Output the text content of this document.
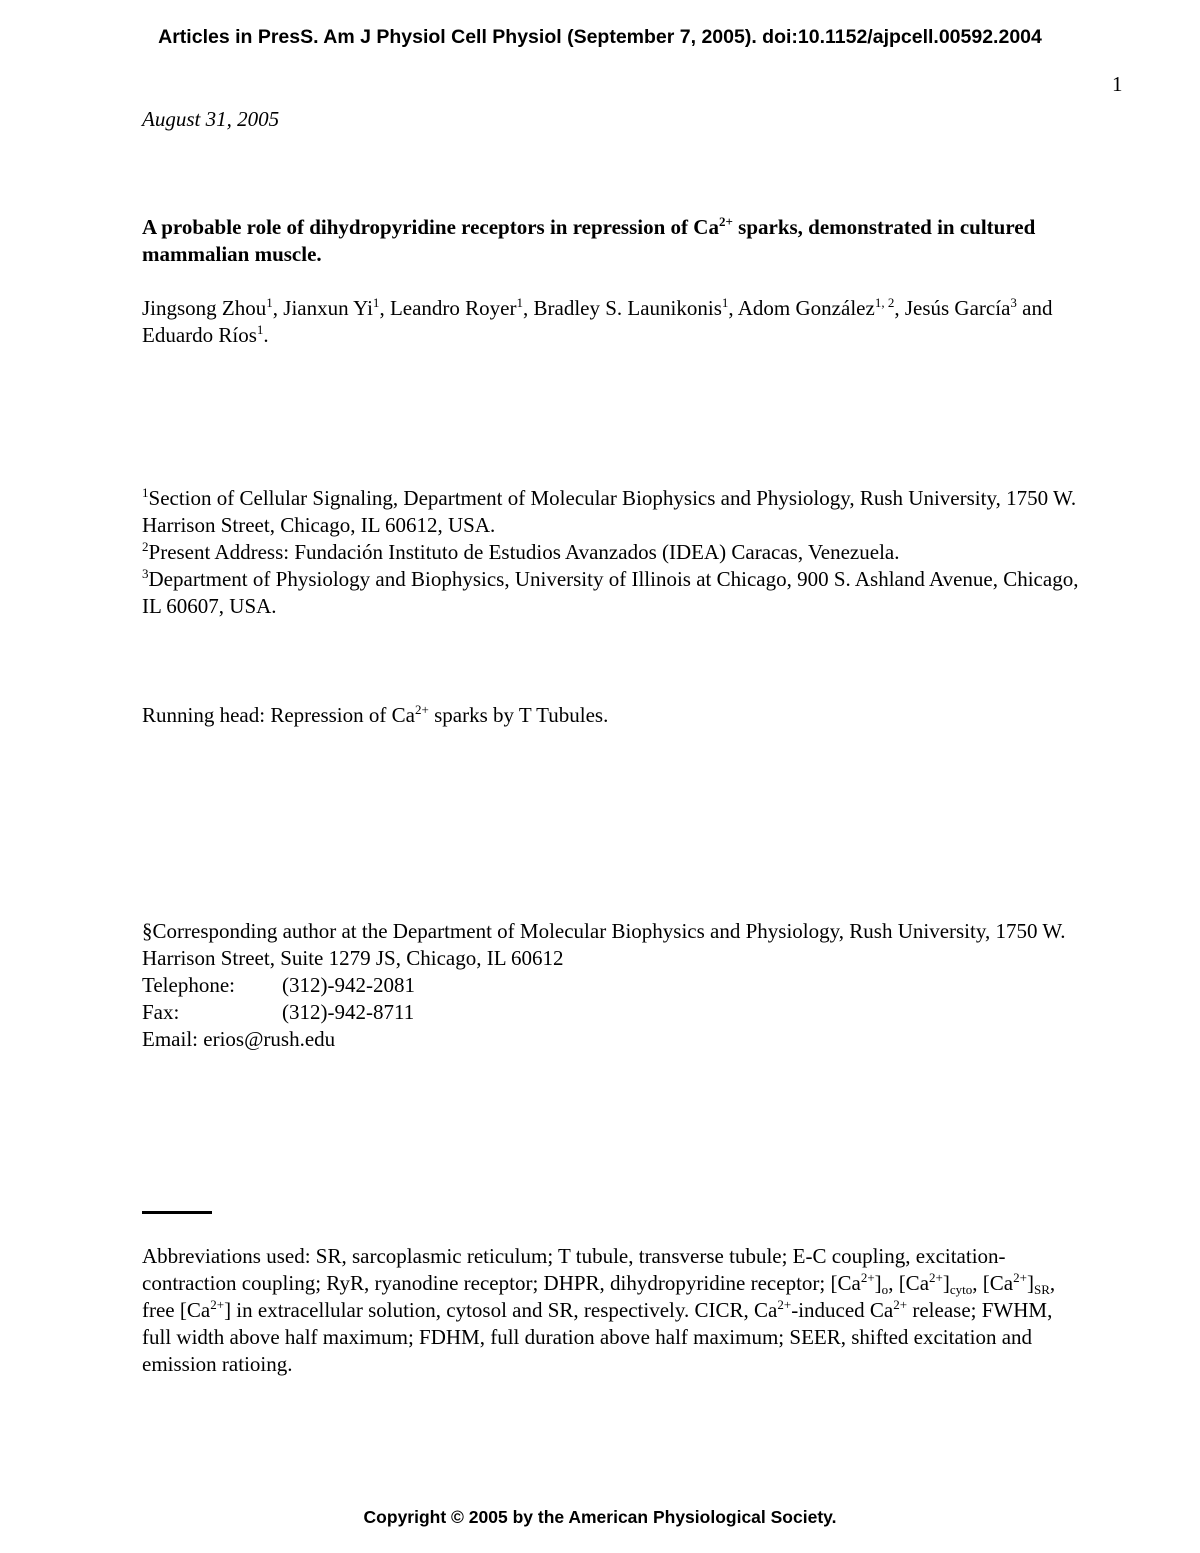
Articles in PresS. Am J Physiol Cell Physiol (September 7, 2005). doi:10.1152/ajpcell.00592.2004
1
August 31, 2005
A probable role of dihydropyridine receptors in repression of $Ca^{2+}$ sparks, demonstrated in cultured mammalian muscle.
Jingsong Zhou$^1$, Jianxun Yi$^1$, Leandro Royer$^1$, Bradley S. Launikonis$^1$, Adom González$^{1, 2}$, Jesús García$^3$ and Eduardo Ríos$^1$.
$^1$Section of Cellular Signaling, Department of Molecular Biophysics and Physiology, Rush University, 1750 W. Harrison Street, Chicago, IL 60612, USA.
$^2$Present Address: Fundación Instituto de Estudios Avanzados (IDEA) Caracas, Venezuela.
$^3$Department of Physiology and Biophysics, University of Illinois at Chicago, 900 S. Ashland Avenue, Chicago, IL 60607, USA.
Running head: Repression of $Ca^{2+}$ sparks by T Tubules.
§Corresponding author at the Department of Molecular Biophysics and Physiology, Rush University, 1750 W. Harrison Street, Suite 1279 JS, Chicago, IL 60612
Telephone: (312)-942-2081
Fax:	(312)-942-8711
Email: erios@rush.edu
Abbreviations used: SR, sarcoplasmic reticulum; T tubule, transverse tubule; E-C coupling, excitation-contraction coupling; RyR, ryanodine receptor; DHPR, dihydropyridine receptor; $[Ca^{2+}]_o$, $[Ca^{2+}]_{cyto}$, $[Ca^{2+}]_{SR}$, free $[Ca^{2+}]$ in extracellular solution, cytosol and SR, respectively. CICR, $Ca^{2+}$-induced $Ca^{2+}$ release; FWHM, full width above half maximum; FDHM, full duration above half maximum; SEER, shifted excitation and emission ratioing.
Copyright © 2005 by the American Physiological Society.
